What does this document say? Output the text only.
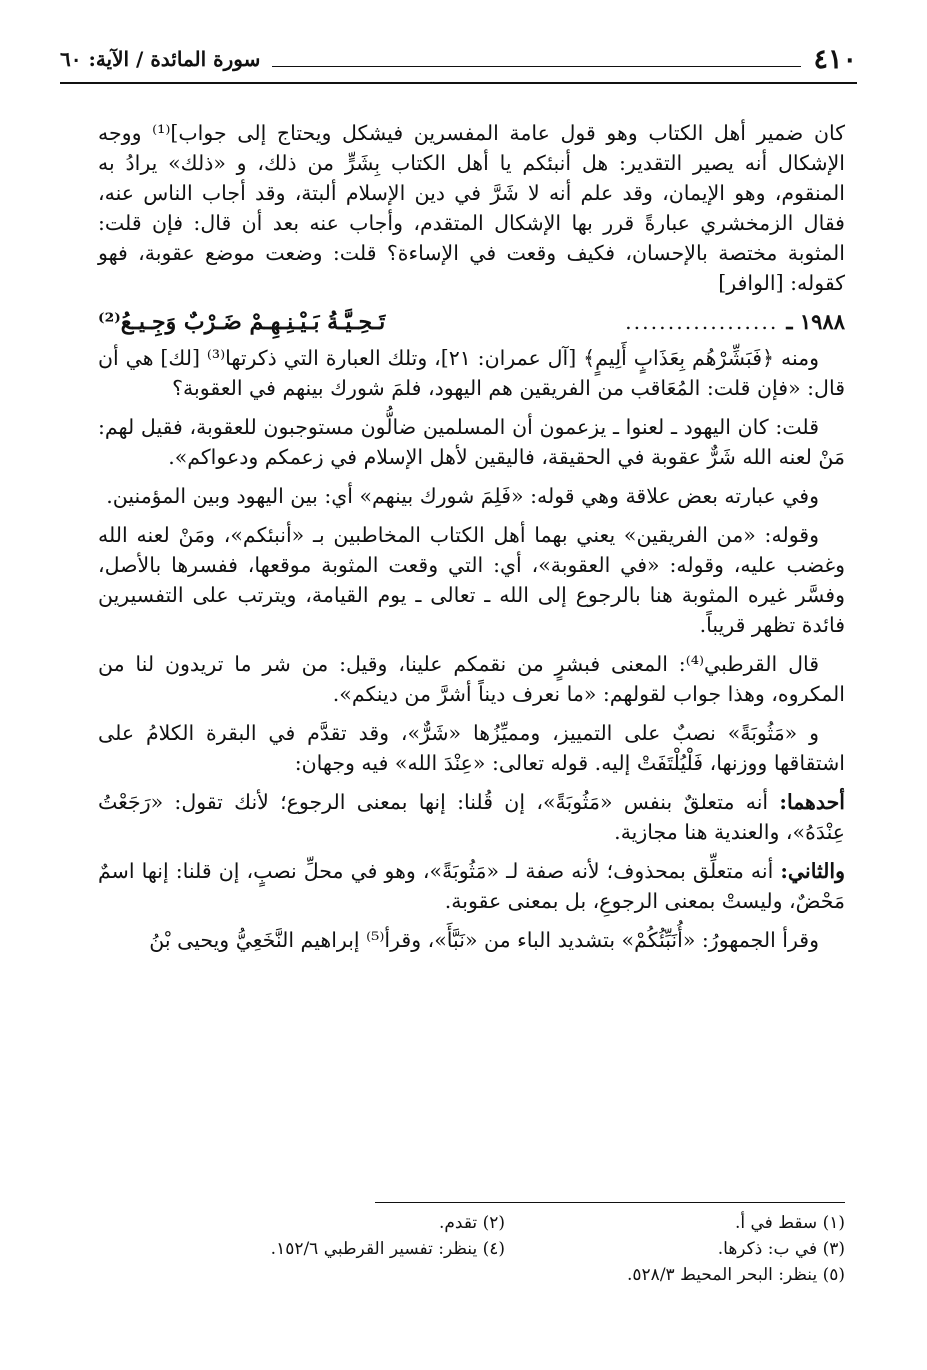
٤١٠
سورة المائدة / الآية: ٦٠

كان ضمير أهل الكتاب وهو قول عامة المفسرين فيشكل ويحتاج إلى جواب]⁽¹⁾ ووجه الإشكال أنه يصير التقدير: هل أنبئكم يا أهل الكتاب بِشَرٍّ من ذلك، و «ذلك» يرادُ به المنقوم، وهو الإيمان، وقد علم أنه لا شَرَّ في دين الإسلام ألبتة، وقد أجاب الناس عنه، فقال الزمخشري عبارةً قرر بها الإشكال المتقدم، وأجاب عنه بعد أن قال: فإن قلت: المثوبة مختصة بالإحسان، فكيف وقعت في الإساءة؟ قلت: وضعت موضع عقوبة، فهو كقوله: [الوافر]

١٩٨٨ ـ
..................
تَـحِـيَّـةُ بَـيْـنِـهِـمْ ضَـرْبٌ وَجِـيـعُ⁽²⁾

ومنه ﴿فَبَشِّرْهُم بِعَذَابٍ أَلِيمٍ﴾ [آل عمران: ٢١]، وتلك العبارة التي ذكرتها⁽³⁾ [لك] هي أن قال: «فإن قلت: المُعَاقب من الفريقين هم اليهود، فلمَ شورك بينهم في العقوبة؟

قلت: كان اليهود ـ لعنوا ـ يزعمون أن المسلمين ضالُّون مستوجبون للعقوبة، فقيل لهم: مَنْ لعنه الله شَرٌّ عقوبة في الحقيقة، فاليقين لأهل الإسلام في زعمكم ودعواكم».

وفي عبارته بعض علاقة وهي قوله: «فَلِمَ شورك بينهم» أي: بين اليهود وبين المؤمنين.

وقوله: «من الفريقين» يعني بهما أهل الكتاب المخاطبين بـ «أنبئكم»، ومَنْ لعنه الله وغضب عليه، وقوله: «في العقوبة»، أي: التي وقعت المثوبة موقعها، ففسرها بالأصل، وفسَّر غيره المثوبة هنا بالرجوع إلى الله ـ تعالى ـ يوم القيامة، ويترتب على التفسيرين فائدة تظهر قريباً.

قال القرطبي⁽⁴⁾: المعنى فبشرٍ من نقمكم علينا، وقيل: من شر ما تريدون لنا من المكروه، وهذا جواب لقولهم: «ما نعرف ديناً أشرَّ من دينكم».

و «مَثُوبَةً» نصبٌ على التمييز، ومميِّزُها «شَرٌّ»، وقد تقدَّم في البقرة الكلامُ على اشتقاقها ووزنها، فَلْيُلْتَفَتْ إليه. قوله تعالى: «عِنْدَ الله» فيه وجهان:

أحدهما: أنه متعلقٌ بنفس «مَثُوبَةً»، إن قُلنا: إنها بمعنى الرجوع؛ لأنك تقول: «رَجَعْتُ عِنْدَهُ»، والعندية هنا مجازية.

والثاني: أنه متعلِّق بمحذوف؛ لأنه صفة لـ «مَثُوبَةً»، وهو في محلِّ نصبٍ، إن قلنا: إنها اسمٌ مَحْضٌ، وليستْ بمعنى الرجوعِ، بل بمعنى عقوبة.

وقرأ الجمهورُ: «أُنَبِّئُكُمْ» بتشديد الباء من «نَبَّأَ»، وقرأ⁽⁵⁾ إبراهيم النَّخَعِيُّ ويحيى بْنُ

(١) سقط في أ.
(٢) تقدم.
(٣) في ب: ذكرها.
(٤) ينظر: تفسير القرطبي ١٥٢/٦.
(٥) ينظر: البحر المحيط ٥٢٨/٣.
